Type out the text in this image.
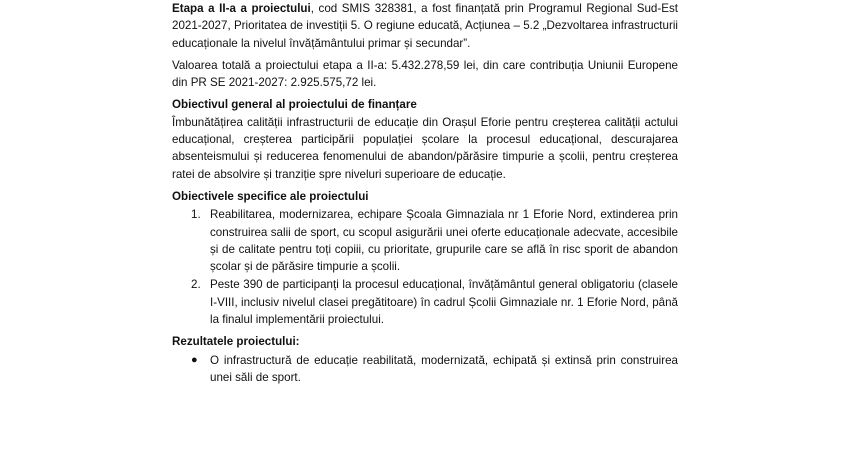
Etapa a II-a a proiectului, cod SMIS 328381, a fost finanțată prin Programul Regional Sud-Est 2021-2027, Prioritatea de investiții 5. O regiune educată, Acțiunea – 5.2 „Dezvoltarea infrastructurii educaționale la nivelul învățământului primar și secundar”.

Valoarea totală a proiectului etapa a II-a: 5.432.278,59 lei, din care contribuția Uniunii Europene din PR SE 2021-2027: 2.925.575,72 lei.

Obiectivul general al proiectului de finanțare

Îmbunătățirea calității infrastructurii de educație din Orașul Eforie pentru creșterea calității actului educațional, creșterea participării populației școlare la procesul educațional, descurajarea absenteismului și reducerea fenomenului de abandon/părăsire timpurie a școlii, pentru creșterea ratei de absolvire și tranziție spre niveluri superioare de educație.

Obiectivele specifice ale proiectului

1. Reabilitarea, modernizarea, echipare Școala Gimnaziala nr 1 Eforie Nord, extinderea prin construirea salii de sport, cu scopul asigurării unei oferte educaționale adecvate, accesibile și de calitate pentru toți copiii, cu prioritate, grupurile care se află în risc sporit de abandon școlar și de părăsire timpurie a școlii.
2. Peste 390 de participanți la procesul educațional, învățământul general obligatoriu (clasele I-VIII, inclusiv nivelul clasei pregătitoare) în cadrul Școlii Gimnaziale nr. 1 Eforie Nord, până la finalul implementării proiectului.

Rezultatele proiectului:

● O infrastructură de educație reabilitată, modernizată, echipată și extinsă prin construirea unei săli de sport.
